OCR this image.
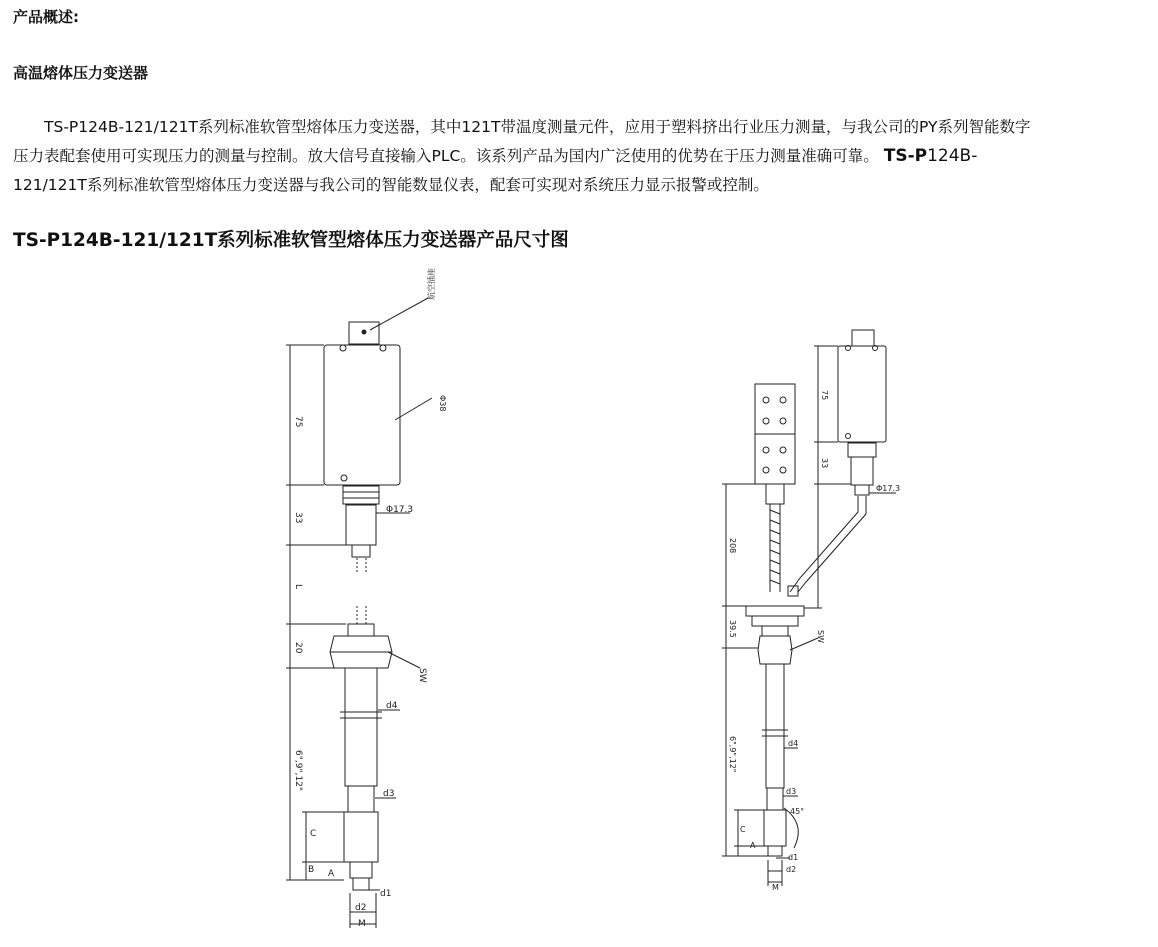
产品概述:
高温熔体压力变送器
　　TS-P124B-121/121T系列标准软管型熔体压力变送器，其中121T带温度测量元件，应用于塑料挤出行业压力测量，与我公司的PY系列智能数字
压力表配套使用可实现压力的测量与控制。放大信号直接输入PLC。该系列产品为国内广泛使用的优势在于压力测量准确可靠。 TS-P124B-
121/121T系列标准软管型熔体压力变送器与我公司的智能数显仪表，配套可实现对系统压力显示报警或控制。
TS-P124B-121/121T系列标准软管型熔体压力变送器产品尺寸图
航空插座
Φ38
Φ17.3
SW
d4
d3
d1
d2
M
75
33
L
20
6",9",12"
C
A
B
Φ17.3
SW
d4
d3
45°
d1
d2
M
208
39.5
6",9",12"
C
A
75
33
